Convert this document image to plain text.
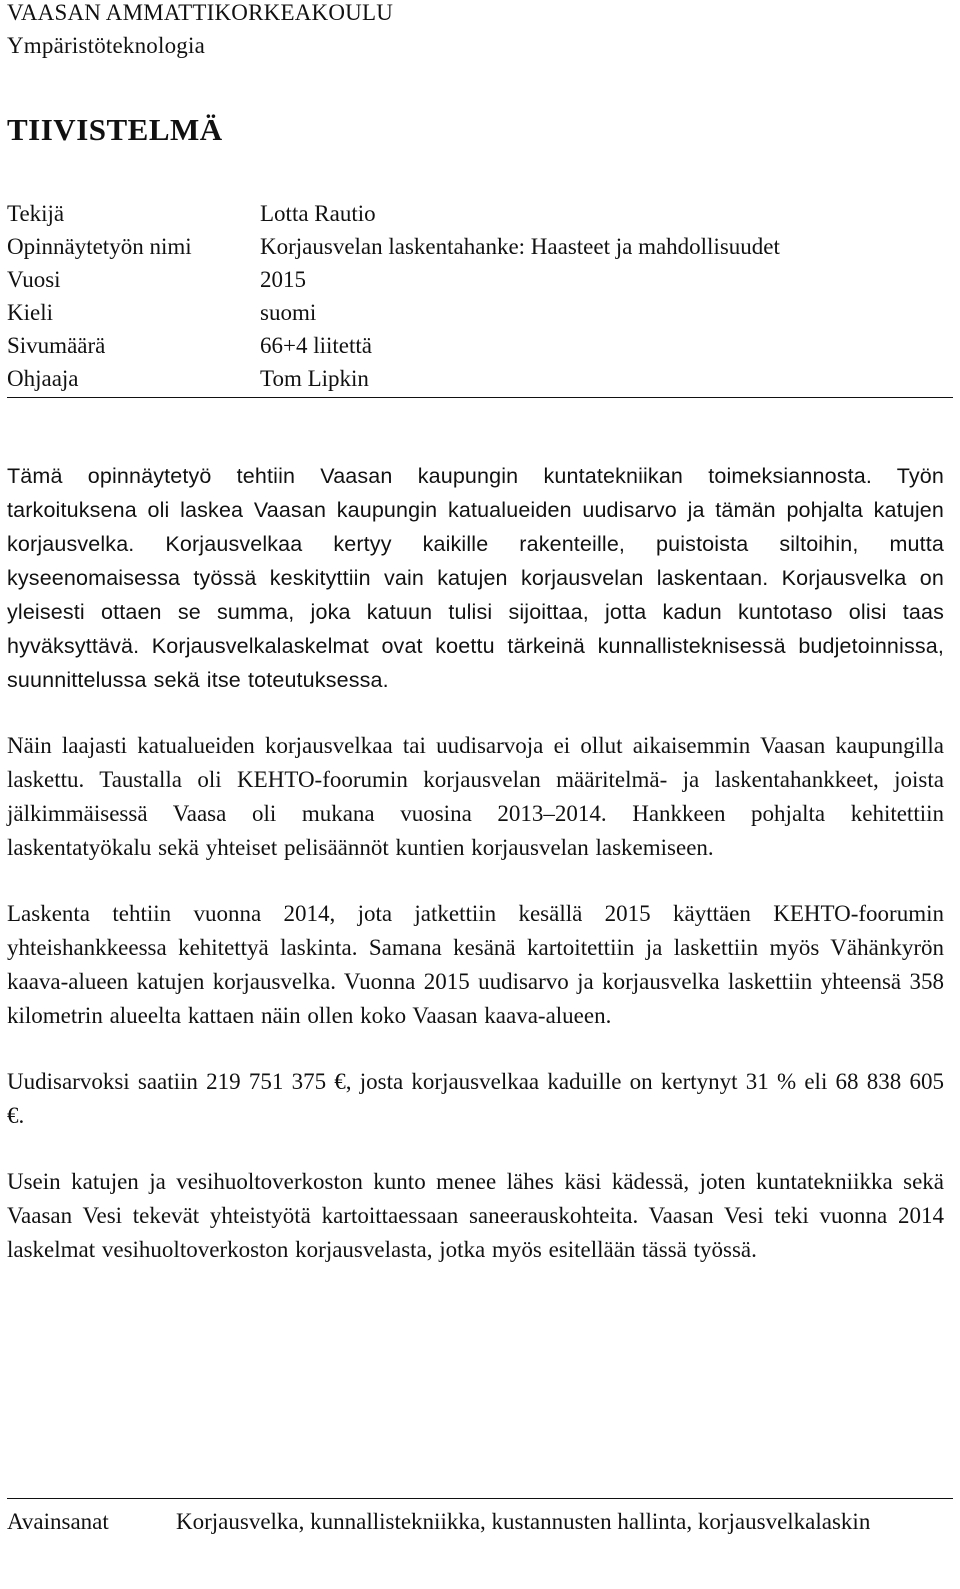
VAASAN AMMATTIKORKEAKOULU
Ympäristöteknologia
TIIVISTELMÄ
Tekijä	Lotta Rautio
Opinnäytetyön nimi	Korjausvelan laskentahanke: Haasteet ja mahdollisuudet
Vuosi	2015
Kieli	suomi
Sivumäärä	66+4 liitettä
Ohjaaja	Tom Lipkin

Tämä opinnäytetyö tehtiin Vaasan kaupungin kuntatekniikan toimeksiannosta. Työn tarkoituksena oli laskea Vaasan kaupungin katualueiden uudisarvo ja tämän pohjalta katujen korjausvelka. Korjausvelkaa kertyy kaikille rakenteille, puistoista siltoihin, mutta kyseenomaisessa työssä keskityttiin vain katujen korjausvelan laskentaan. Korjausvelka on yleisesti ottaen se summa, joka katuun tulisi sijoittaa, jotta kadun kuntotaso olisi taas hyväksyttävä. Korjausvelkalaskelmat ovat koettu tärkeinä kunnallisteknisessä budjetoinnissa, suunnittelussa sekä itse toteutuksessa.

Näin laajasti katualueiden korjausvelkaa tai uudisarvoja ei ollut aikaisemmin Vaasan kaupungilla laskettu. Taustalla oli KEHTO-foorumin korjausvelan määritelmä- ja laskentahankkeet, joista jälkimmäisessä Vaasa oli mukana vuosina 2013–2014. Hankkeen pohjalta kehitettiin laskentatyökalu sekä yhteiset pelisäännöt kuntien korjausvelan laskemiseen.

Laskenta tehtiin vuonna 2014, jota jatkettiin kesällä 2015 käyttäen KEHTO-foorumin yhteishankkeessa kehitettyä laskinta. Samana kesänä kartoitettiin ja laskettiin myös Vähänkyrön kaava-alueen katujen korjausvelka. Vuonna 2015 uudisarvo ja korjausvelka laskettiin yhteensä 358 kilometrin alueelta kattaen näin ollen koko Vaasan kaava-alueen.

Uudisarvoksi saatiin 219 751 375 €, josta korjausvelkaa kaduille on kertynyt 31 % eli 68 838 605 €.

Usein katujen ja vesihuoltoverkoston kunto menee lähes käsi kädessä, joten kuntatekniikka sekä Vaasan Vesi tekevät yhteistyötä kartoittaessaan saneerauskohteita. Vaasan Vesi teki vuonna 2014 laskelmat vesihuoltoverkoston korjausvelasta, jotka myös esitellään tässä työssä.

Avainsanat	Korjausvelka, kunnallistekniikka, kustannusten hallinta, korjausvelkalaskin
